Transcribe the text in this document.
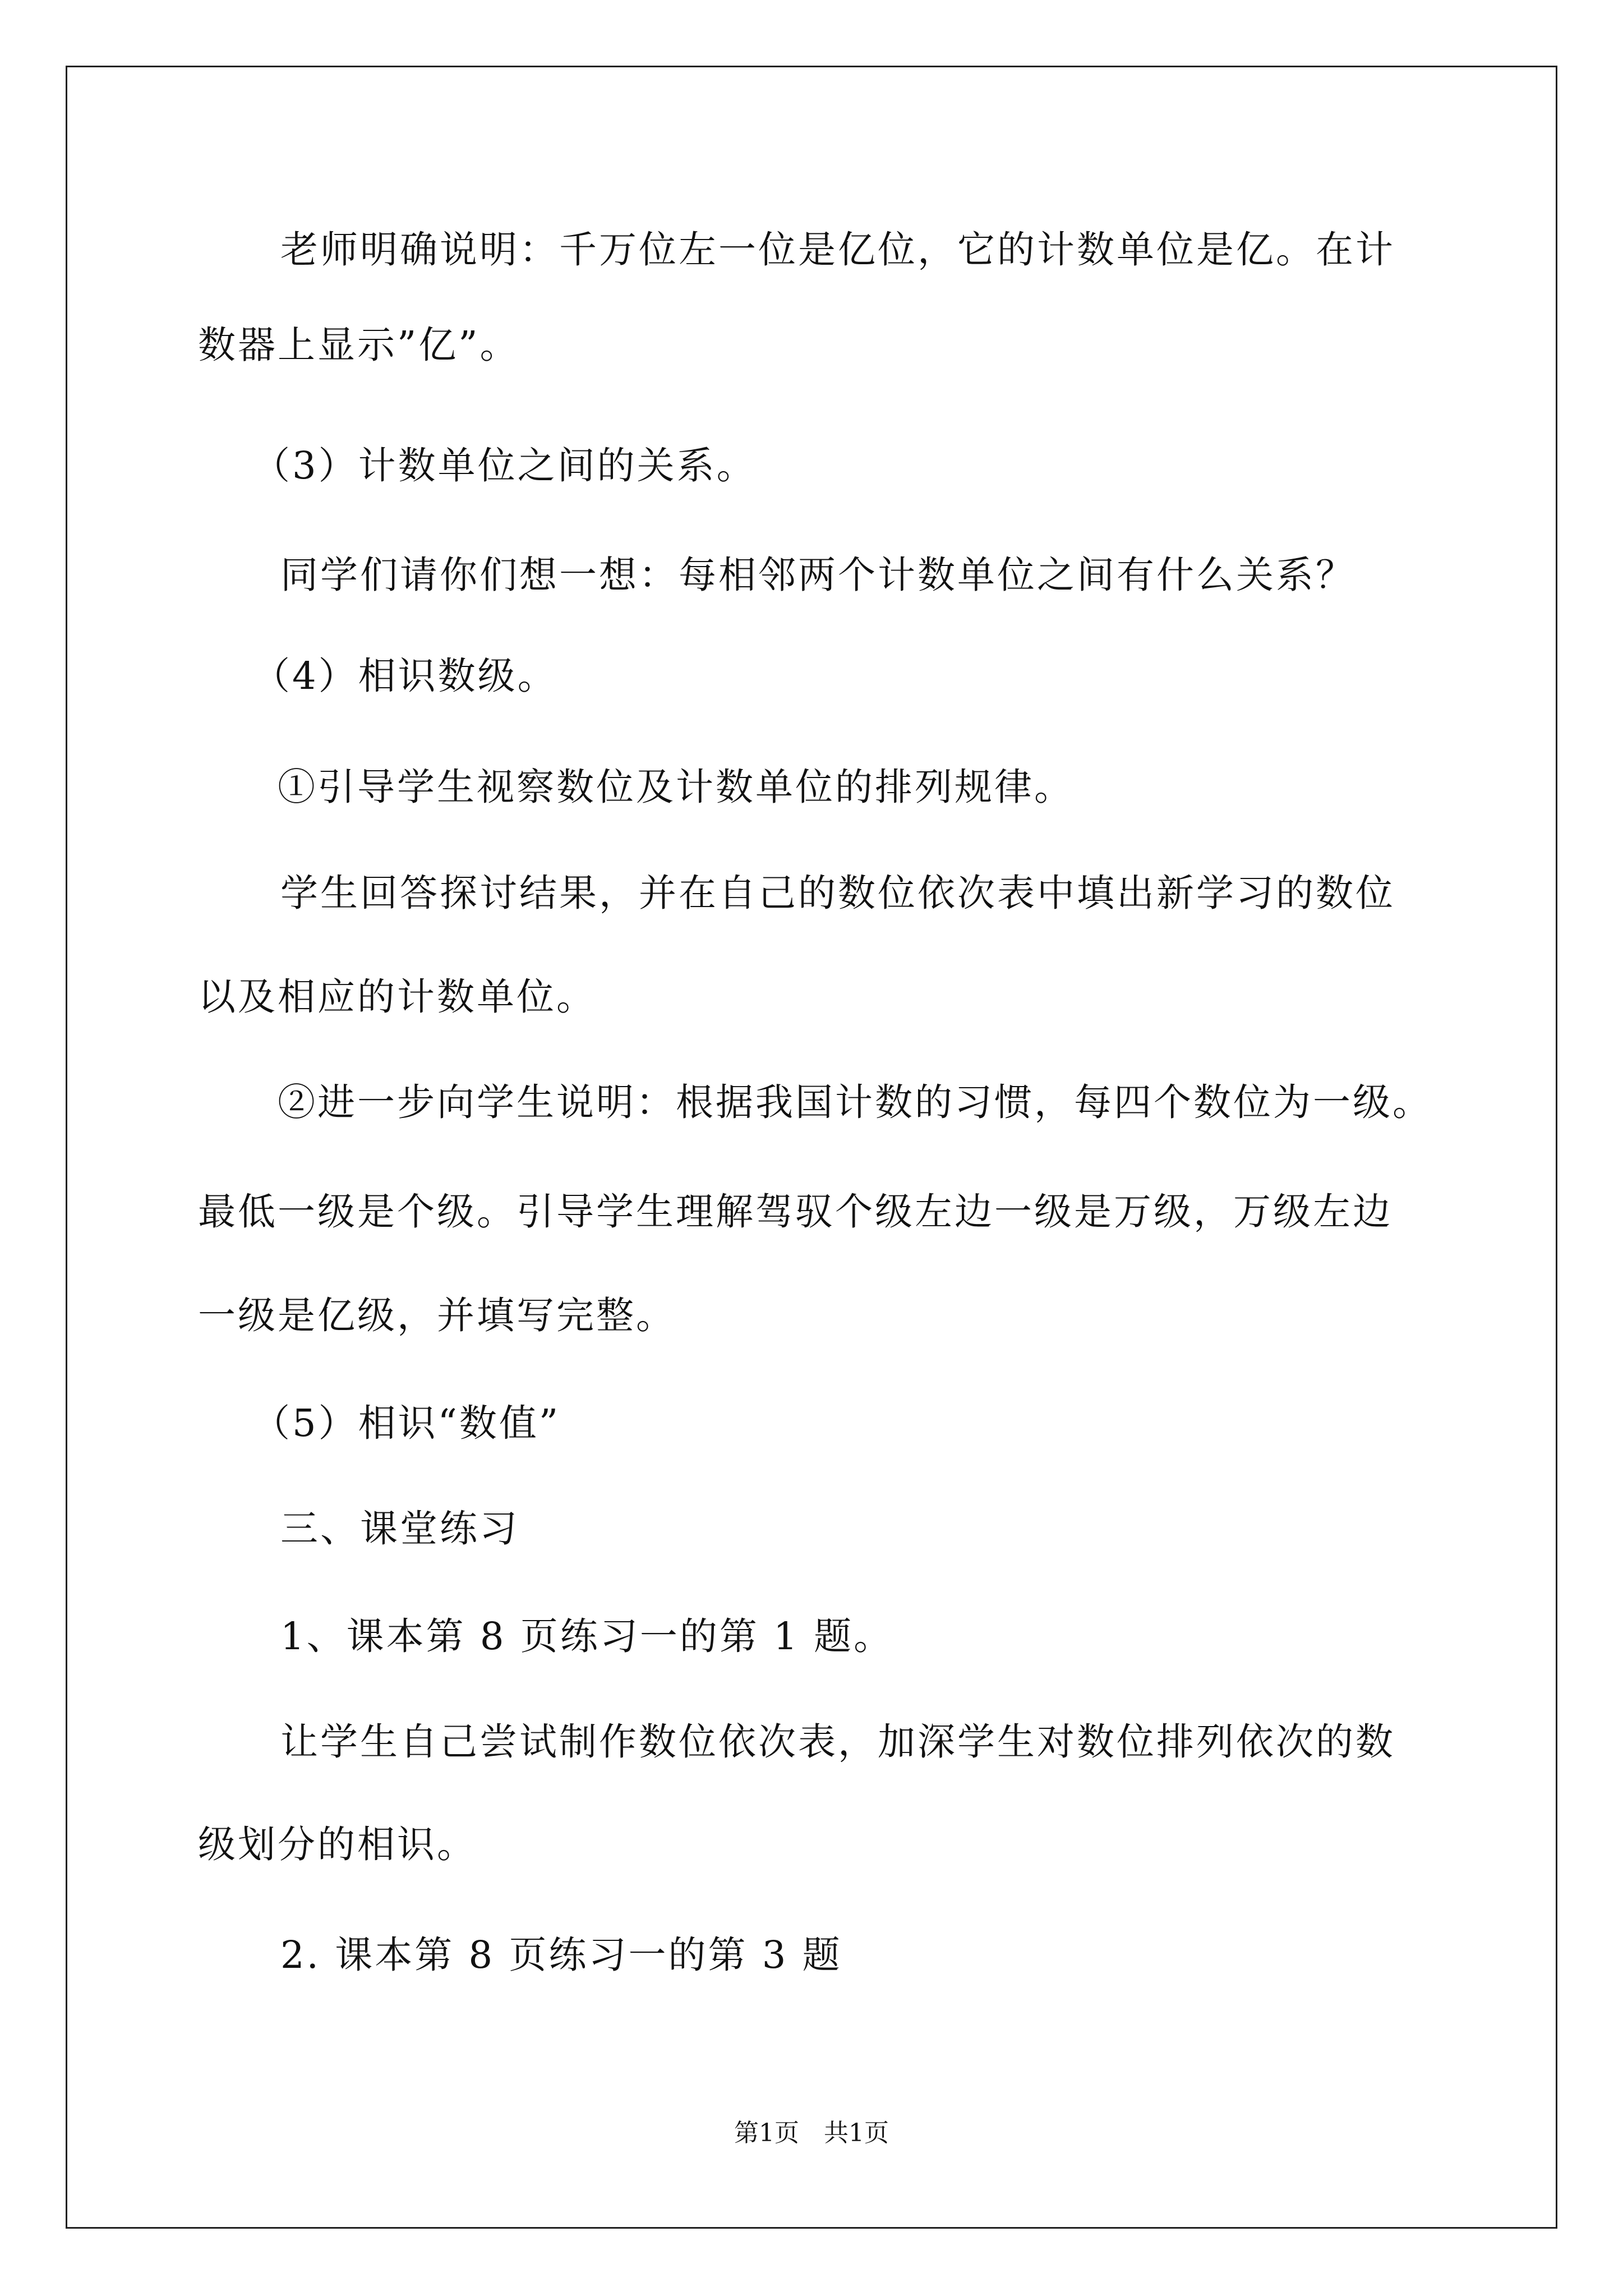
老师明确说明：千万位左一位是亿位，它的计数单位是亿。在计
数器上显示”亿”。
（3）计数单位之间的关系。
同学们请你们想一想：每相邻两个计数单位之间有什么关系？
（4）相识数级。
①引导学生视察数位及计数单位的排列规律。
学生回答探讨结果，并在自己的数位依次表中填出新学习的数位
以及相应的计数单位。
②进一步向学生说明：根据我国计数的习惯，每四个数位为一级。
最低一级是个级。引导学生理解驾驭个级左边一级是万级，万级左边
一级是亿级，并填写完整。
（5）相识“数值”
三、课堂练习
1、课本第 8 页练习一的第 1 题。
让学生自己尝试制作数位依次表，加深学生对数位排列依次的数
级划分的相识。
2. 课本第 8 页练习一的第 3 题
第1页　共1页
